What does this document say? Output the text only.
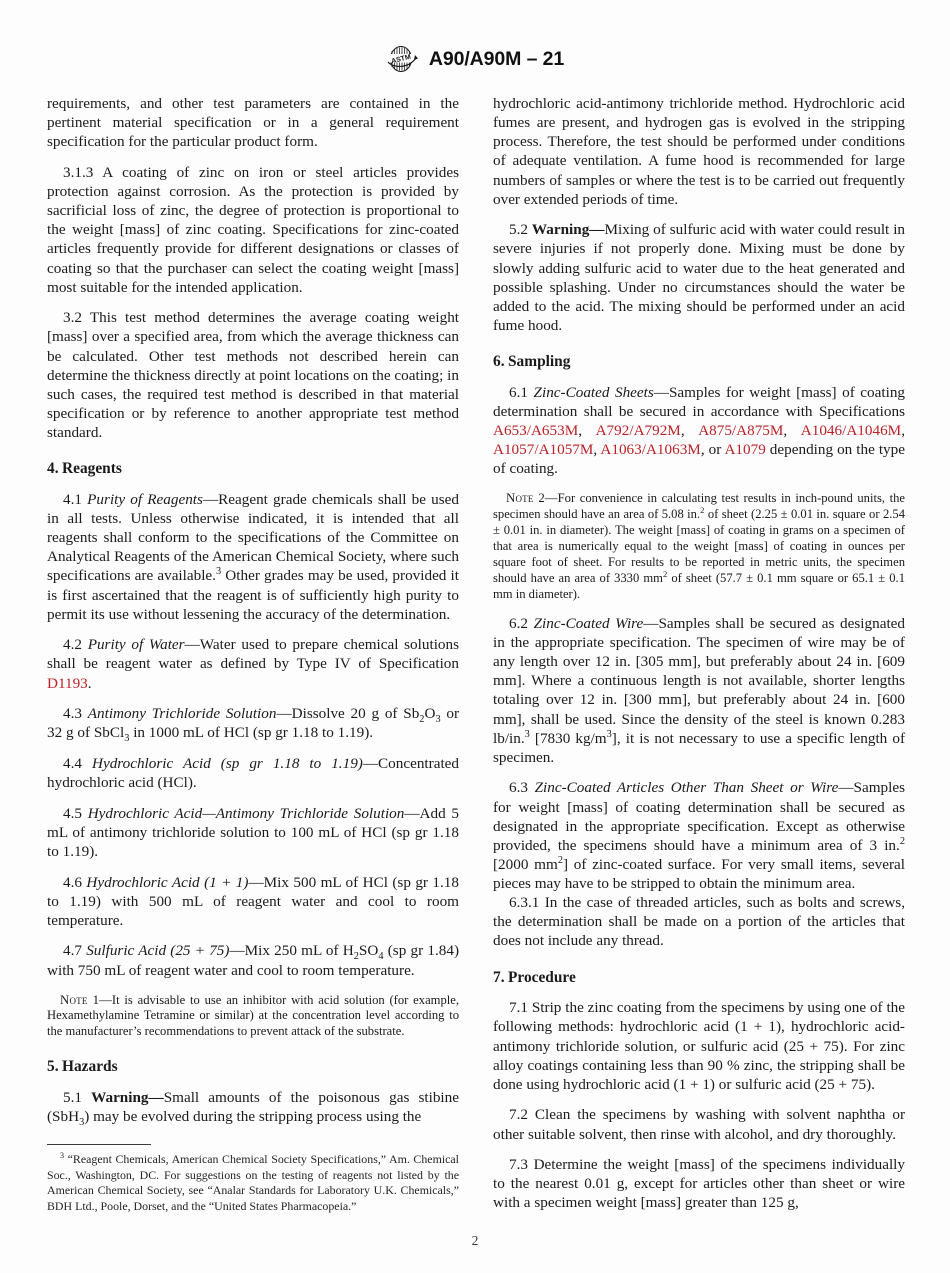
ASTM A90/A90M – 21

requirements, and other test parameters are contained in the pertinent material specification or in a general requirement specification for the particular product form.

3.1.3 A coating of zinc on iron or steel articles provides protection against corrosion. As the protection is provided by sacrificial loss of zinc, the degree of protection is proportional to the weight [mass] of zinc coating. Specifications for zinc-coated articles frequently provide for different designations or classes of coating so that the purchaser can select the coating weight [mass] most suitable for the intended application.

3.2 This test method determines the average coating weight [mass] over a specified area, from which the average thickness can be calculated. Other test methods not described herein can determine the thickness directly at point locations on the coating; in such cases, the required test method is described in that material specification or by reference to another appropriate test method standard.

4. Reagents

4.1 Purity of Reagents—Reagent grade chemicals shall be used in all tests. Unless otherwise indicated, it is intended that all reagents shall conform to the specifications of the Committee on Analytical Reagents of the American Chemical Society, where such specifications are available.$^3$ Other grades may be used, provided it is first ascertained that the reagent is of sufficiently high purity to permit its use without lessening the accuracy of the determination.

4.2 Purity of Water—Water used to prepare chemical solutions shall be reagent water as defined by Type IV of Specification D1193.

4.3 Antimony Trichloride Solution—Dissolve 20 g of $Sb_2O_3$ or 32 g of SbCl$_3$ in 1000 mL of HCl (sp gr 1.18 to 1.19).

4.4 Hydrochloric Acid (sp gr 1.18 to 1.19)—Concentrated hydrochloric acid (HCl).

4.5 Hydrochloric Acid—Antimony Trichloride Solution—Add 5 mL of antimony trichloride solution to 100 mL of HCl (sp gr 1.18 to 1.19).

4.6 Hydrochloric Acid (1 + 1)—Mix 500 mL of HCl (sp gr 1.18 to 1.19) with 500 mL of reagent water and cool to room temperature.

4.7 Sulfuric Acid (25 + 75)—Mix 250 mL of $H_2SO_4$ (sp gr 1.84) with 750 mL of reagent water and cool to room temperature.

Note 1—It is advisable to use an inhibitor with acid solution (for example, Hexamethylamine Tetramine or similar) at the concentration level according to the manufacturer’s recommendations to prevent attack of the substrate.

5. Hazards

5.1 Warning—Small amounts of the poisonous gas stibine (SbH$_3$) may be evolved during the stripping process using the

$^3$ “Reagent Chemicals, American Chemical Society Specifications,” Am. Chemical Soc., Washington, DC. For suggestions on the testing of reagents not listed by the American Chemical Society, see “Analar Standards for Laboratory U.K. Chemicals,” BDH Ltd., Poole, Dorset, and the “United States Pharmacopeia.”

hydrochloric acid-antimony trichloride method. Hydrochloric acid fumes are present, and hydrogen gas is evolved in the stripping process. Therefore, the test should be performed under conditions of adequate ventilation. A fume hood is recommended for large numbers of samples or where the test is to be carried out frequently over extended periods of time.

5.2 Warning—Mixing of sulfuric acid with water could result in severe injuries if not properly done. Mixing must be done by slowly adding sulfuric acid to water due to the heat generated and possible splashing. Under no circumstances should the water be added to the acid. The mixing should be performed under an acid fume hood.

6. Sampling

6.1 Zinc-Coated Sheets—Samples for weight [mass] of coating determination shall be secured in accordance with Specifications A653/A653M, A792/A792M, A875/A875M, A1046/A1046M, A1057/A1057M, A1063/A1063M, or A1079 depending on the type of coating.

Note 2—For convenience in calculating test results in inch-pound units, the specimen should have an area of 5.08 in.$^2$ of sheet (2.25 ± 0.01 in. square or 2.54 ± 0.01 in. in diameter). The weight [mass] of coating in grams on a specimen of that area is numerically equal to the weight [mass] of coating in ounces per square foot of sheet. For results to be reported in metric units, the specimen should have an area of 3330 $mm^2$ of sheet (57.7 ± 0.1 mm square or 65.1 ± 0.1 mm in diameter).

6.2 Zinc-Coated Wire—Samples shall be secured as designated in the appropriate specification. The specimen of wire may be of any length over 12 in. [305 mm], but preferably about 24 in. [609 mm]. Where a continuous length is not available, shorter lengths totaling over 12 in. [300 mm], but preferably about 24 in. [600 mm], shall be used. Since the density of the steel is known 0.283 lb/in.$^3$ [7830 $kg/m^3$], it is not necessary to use a specific length of specimen.

6.3 Zinc-Coated Articles Other Than Sheet or Wire—Samples for weight [mass] of coating determination shall be secured as designated in the appropriate specification. Except as otherwise provided, the specimens should have a minimum area of 3 in.$^2$ [2000 $mm^2$] of zinc-coated surface. For very small items, several pieces may have to be stripped to obtain the minimum area.

6.3.1 In the case of threaded articles, such as bolts and screws, the determination shall be made on a portion of the articles that does not include any thread.

7. Procedure

7.1 Strip the zinc coating from the specimens by using one of the following methods: hydrochloric acid (1 + 1), hydrochloric acid-antimony trichloride solution, or sulfuric acid (25 + 75). For zinc alloy coatings containing less than 90 % zinc, the stripping shall be done using hydrochloric acid (1 + 1) or sulfuric acid (25 + 75).

7.2 Clean the specimens by washing with solvent naphtha or other suitable solvent, then rinse with alcohol, and dry thoroughly.

7.3 Determine the weight [mass] of the specimens individually to the nearest 0.01 g, except for articles other than sheet or wire with a specimen weight [mass] greater than 125 g,

2
